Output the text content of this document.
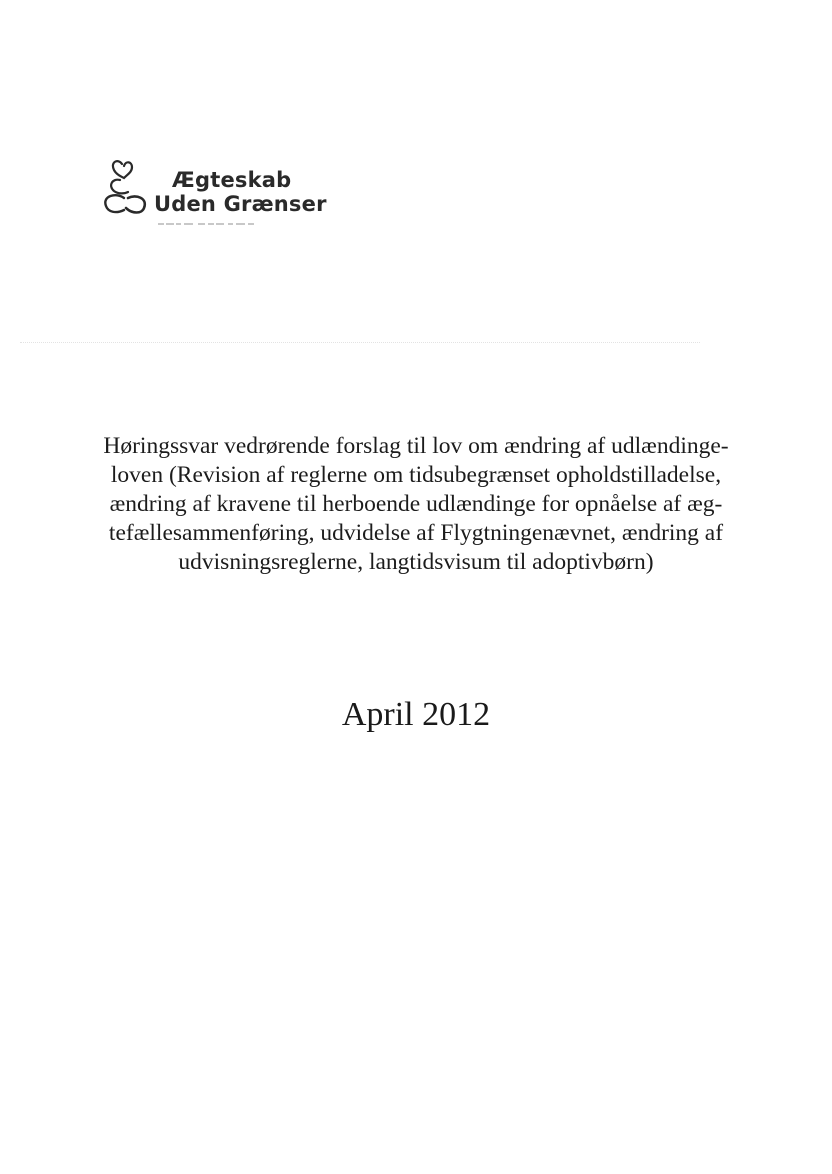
Ægteskab
Uden Grænser
Høringssvar vedrørende forslag til lov om ændring af udlændinge-
loven (Revision af reglerne om tidsubegrænset opholdstilladelse,
ændring af kravene til herboende udlændinge for opnåelse af æg-
tefællesammenføring, udvidelse af Flygtningenævnet, ændring af
udvisningsreglerne, langtidsvisum til adoptivbørn)
April 2012
